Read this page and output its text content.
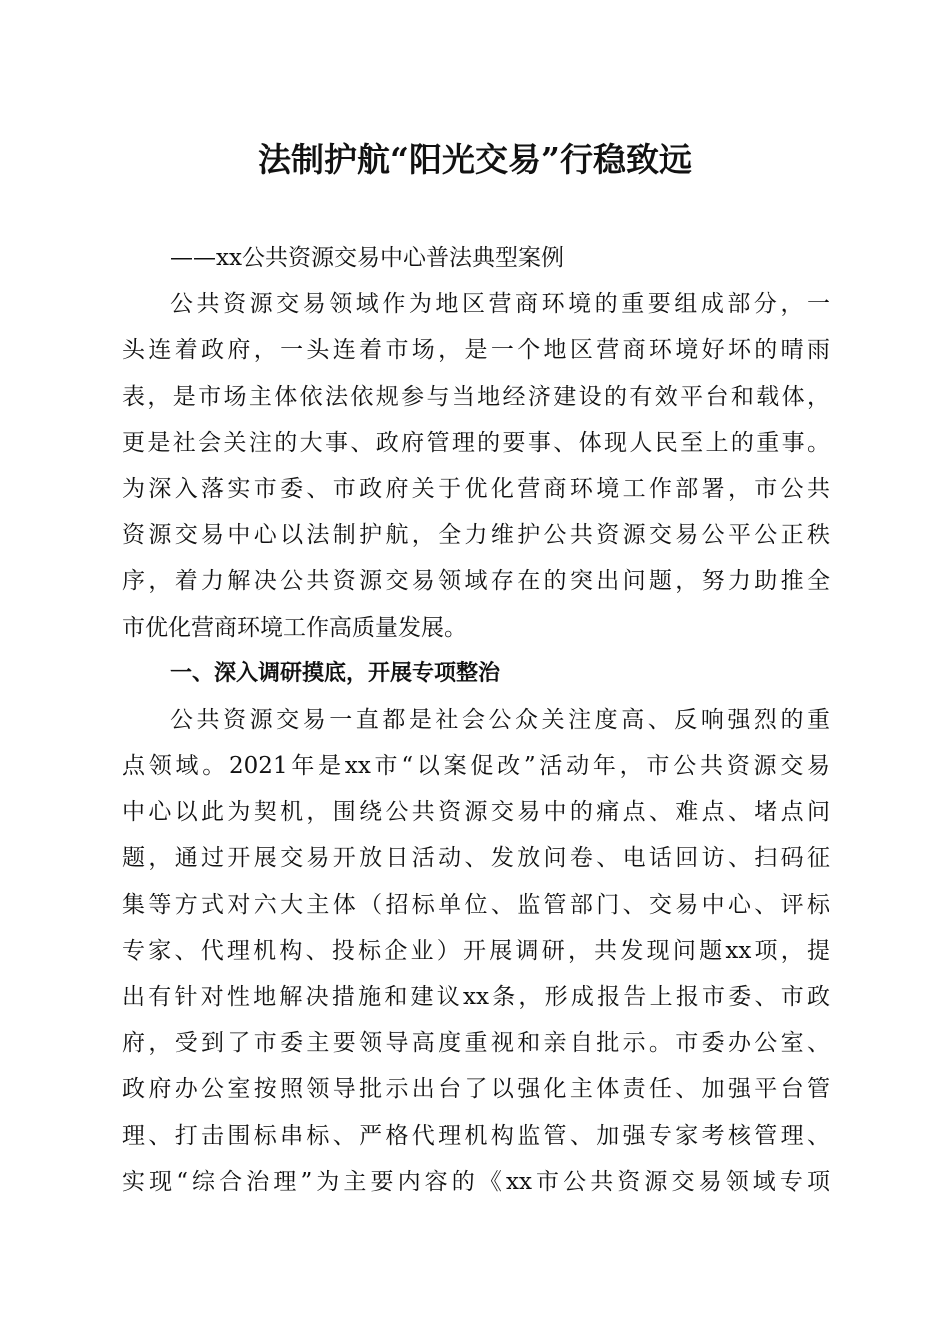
法制护航“阳光交易”行稳致远
——xx公共资源交易中心普法典型案例
公共资源交易领域作为地区营商环境的重要组成部分，一
头连着政府，一头连着市场，是一个地区营商环境好坏的晴雨
表，是市场主体依法依规参与当地经济建设的有效平台和载体，
更是社会关注的大事、政府管理的要事、体现人民至上的重事。
为深入落实市委、市政府关于优化营商环境工作部署，市公共
资源交易中心以法制护航，全力维护公共资源交易公平公正秩
序，着力解决公共资源交易领域存在的突出问题，努力助推全
市优化营商环境工作高质量发展。
一、深入调研摸底，开展专项整治
公共资源交易一直都是社会公众关注度高、反响强烈的重
点领域。2021年是xx市“以案促改”活动年，市公共资源交易
中心以此为契机，围绕公共资源交易中的痛点、难点、堵点问
题，通过开展交易开放日活动、发放问卷、电话回访、扫码征
集等方式对六大主体（招标单位、监管部门、交易中心、评标
专家、代理机构、投标企业）开展调研，共发现问题xx项，提
出有针对性地解决措施和建议xx条，形成报告上报市委、市政
府，受到了市委主要领导高度重视和亲自批示。市委办公室、
政府办公室按照领导批示出台了以强化主体责任、加强平台管
理、打击围标串标、严格代理机构监管、加强专家考核管理、
实现“综合治理”为主要内容的《xx市公共资源交易领域专项
